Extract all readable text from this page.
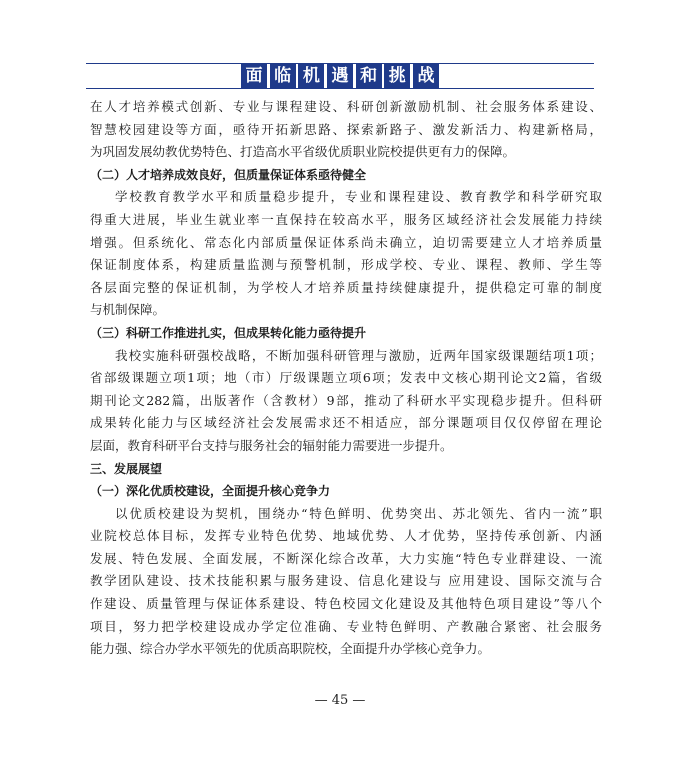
面 临 机 遇 和 挑 战
在人才培养模式创新、专业与课程建设、科研创新激励机制、社会服务体系建设、
智慧校园建设等方面，亟待开拓新思路、探索新路子、激发新活力、构建新格局，
为巩固发展幼教优势特色、打造高水平省级优质职业院校提供更有力的保障。
（二）人才培养成效良好，但质量保证体系亟待健全
学校教育教学水平和质量稳步提升，专业和课程建设、教育教学和科学研究取
得重大进展，毕业生就业率一直保持在较高水平，服务区域经济社会发展能力持续
增强。但系统化、常态化内部质量保证体系尚未确立，迫切需要建立人才培养质量
保证制度体系，构建质量监测与预警机制，形成学校、专业、课程、教师、学生等
各层面完整的保证机制，为学校人才培养质量持续健康提升，提供稳定可靠的制度
与机制保障。
（三）科研工作推进扎实，但成果转化能力亟待提升
我校实施科研强校战略，不断加强科研管理与激励，近两年国家级课题结项1项；
省部级课题立项1项；地（市）厅级课题立项6项；发表中文核心期刊论文2篇，省级
期刊论文282篇，出版著作（含教材）9部，推动了科研水平实现稳步提升。但科研
成果转化能力与区域经济社会发展需求还不相适应，部分课题项目仅仅停留在理论
层面，教育科研平台支持与服务社会的辐射能力需要进一步提升。
三、发展展望
（一）深化优质校建设，全面提升核心竞争力
以优质校建设为契机，围绕办“特色鲜明、优势突出、苏北领先、省内一流”职
业院校总体目标，发挥专业特色优势、地域优势、人才优势，坚持传承创新、内涵
发展、特色发展、全面发展，不断深化综合改革，大力实施“特色专业群建设、一流
教学团队建设、技术技能积累与服务建设、信息化建设与 应用建设、国际交流与合
作建设、质量管理与保证体系建设、特色校园文化建设及其他特色项目建设”等八个
项目，努力把学校建设成办学定位准确、专业特色鲜明、产教融合紧密、社会服务
能力强、综合办学水平领先的优质高职院校，全面提升办学核心竞争力。
— 45 —
